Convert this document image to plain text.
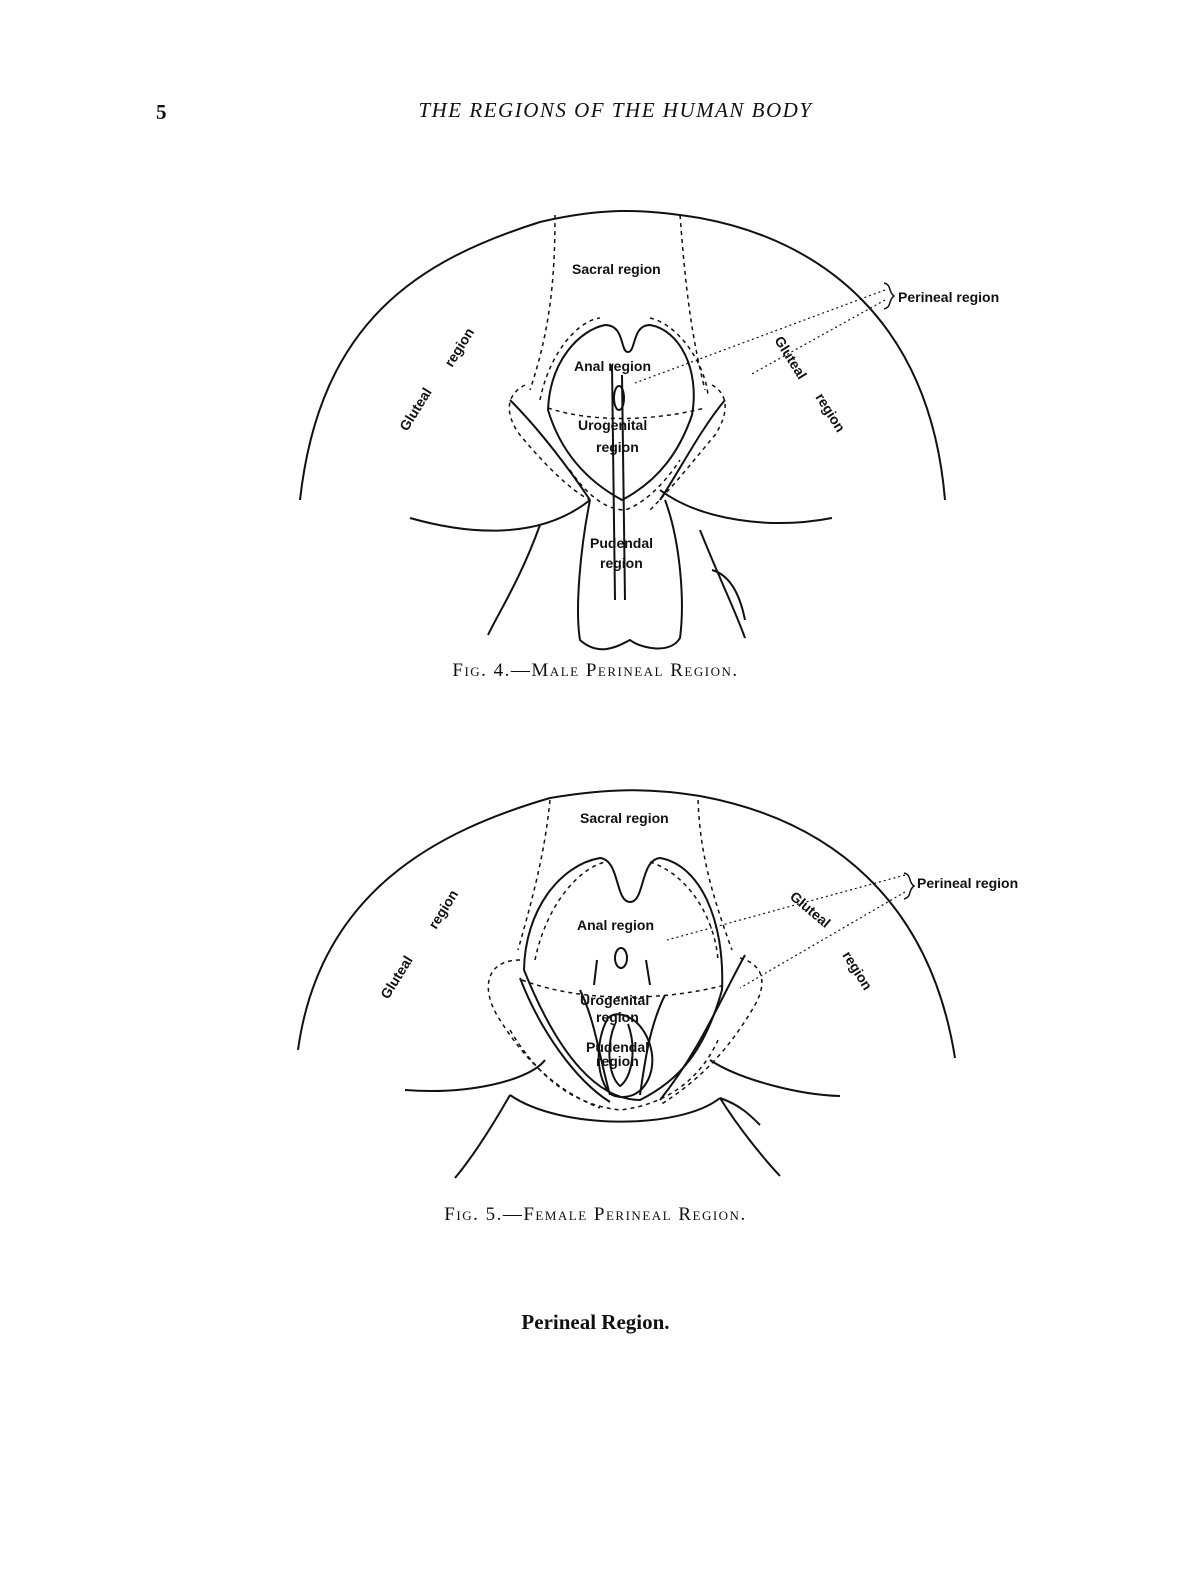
5	THE REGIONS OF THE HUMAN BODY
Sacral region
Perineal region
Anal region
Urogenital
region
Pudendal
region
Gluteal
region	Gluteal
region
Fig. 4.—Male Perineal Region.
Sacral region
Perineal region
Anal region
Urogenital
region
Pudendal
region
Gluteal
region	Gluteal
region
Fig. 5.—Female Perineal Region.
Perineal Region.
